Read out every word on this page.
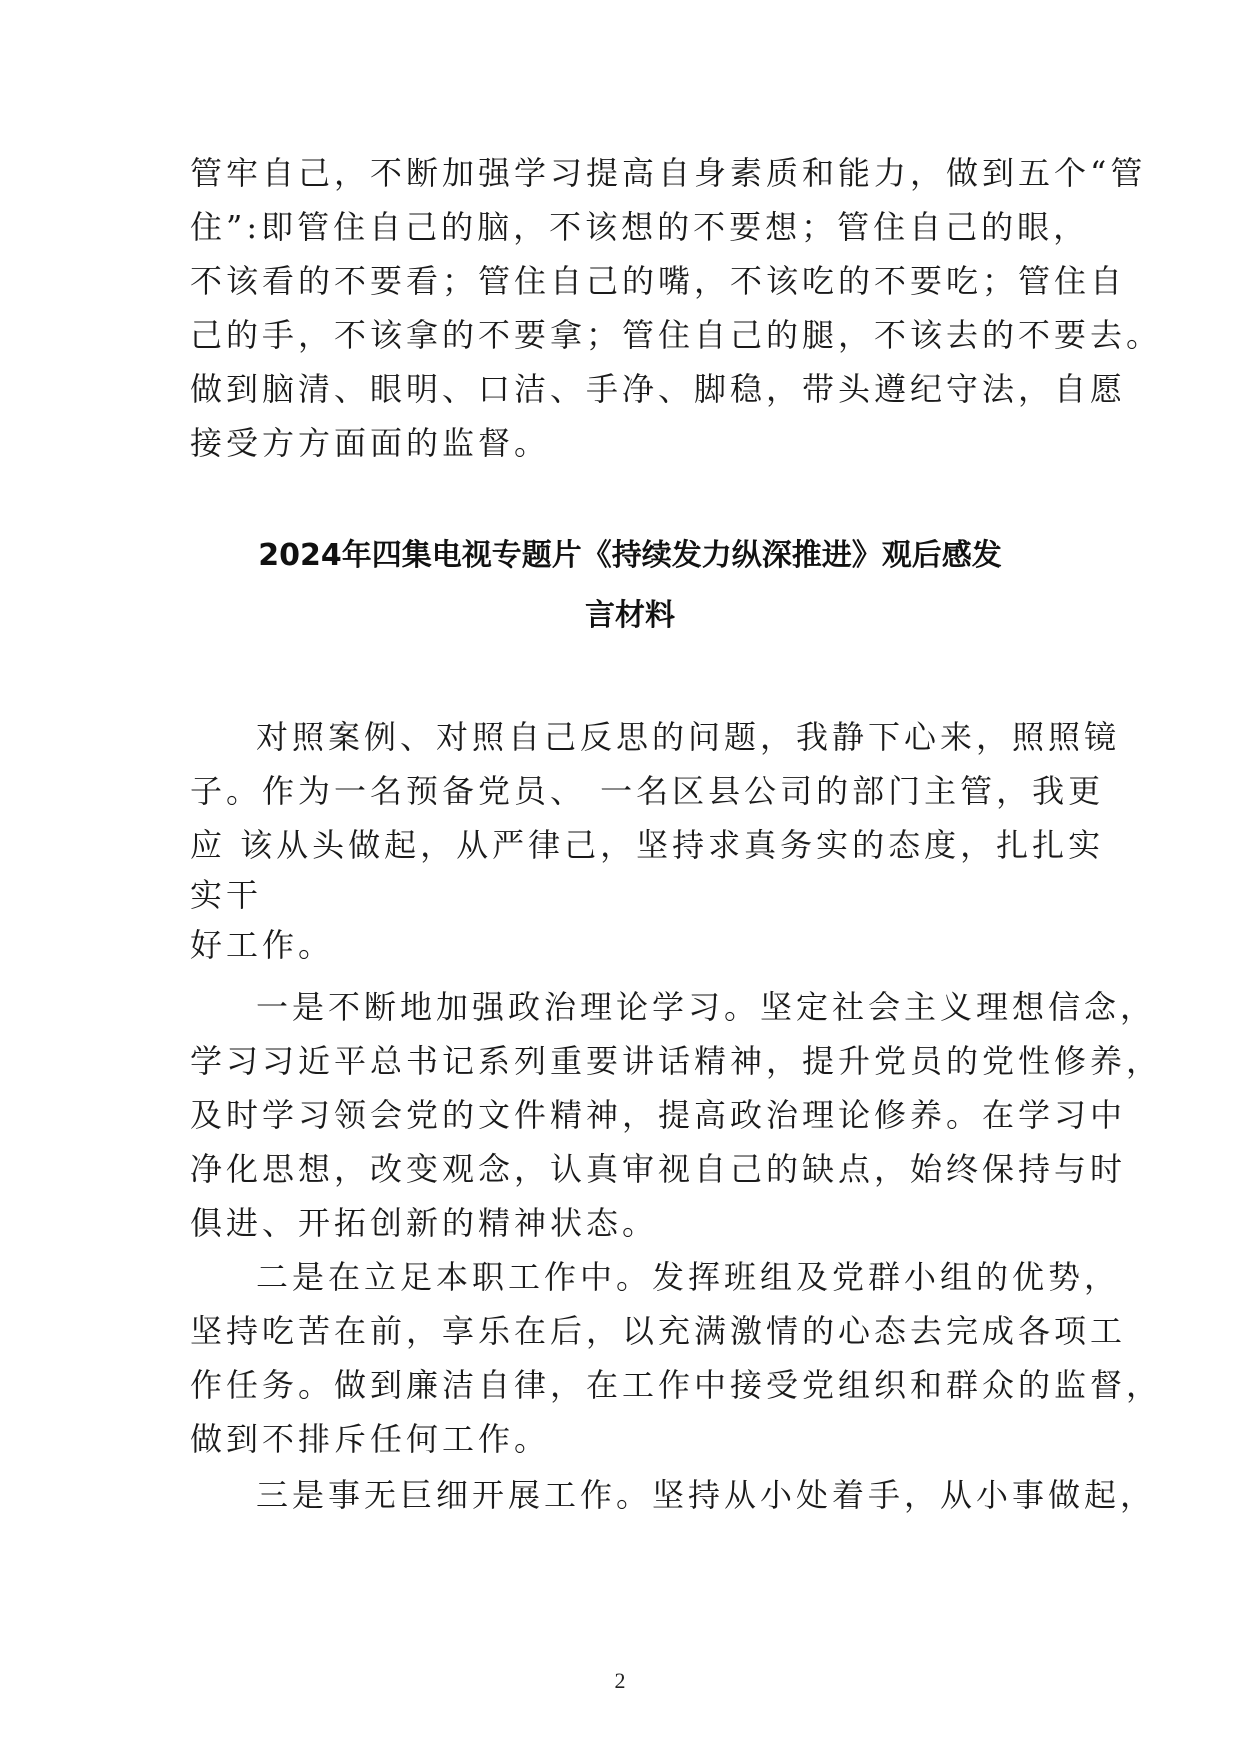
管牢自己，不断加强学习提高自身素质和能力，做到五个“管
住”:即管住自己的脑，不该想的不要想；管住自己的眼，
不该看的不要看；管住自己的嘴，不该吃的不要吃；管住自
己的手，不该拿的不要拿；管住自己的腿，不该去的不要去。
做到脑清、眼明、口洁、手净、脚稳，带头遵纪守法，自愿
接受方方面面的监督。
2024年四集电视专题片《持续发力纵深推进》观后感发
言材料
对照案例、对照自己反思的问题，我静下心来，照照镜
子。作为一名预备党员、 一名区县公司的部门主管，我更
应 该从头做起，从严律己，坚持求真务实的态度，扎扎实
实干
好工作。
一是不断地加强政治理论学习。坚定社会主义理想信念，
学习习近平总书记系列重要讲话精神，提升党员的党性修养，
及时学习领会党的文件精神，提高政治理论修养。在学习中
净化思想，改变观念，认真审视自己的缺点，始终保持与时
俱进、开拓创新的精神状态。
二是在立足本职工作中。发挥班组及党群小组的优势，
坚持吃苦在前，享乐在后，以充满激情的心态去完成各项工
作任务。做到廉洁自律，在工作中接受党组织和群众的监督，
做到不排斥任何工作。
三是事无巨细开展工作。坚持从小处着手，从小事做起，
2
